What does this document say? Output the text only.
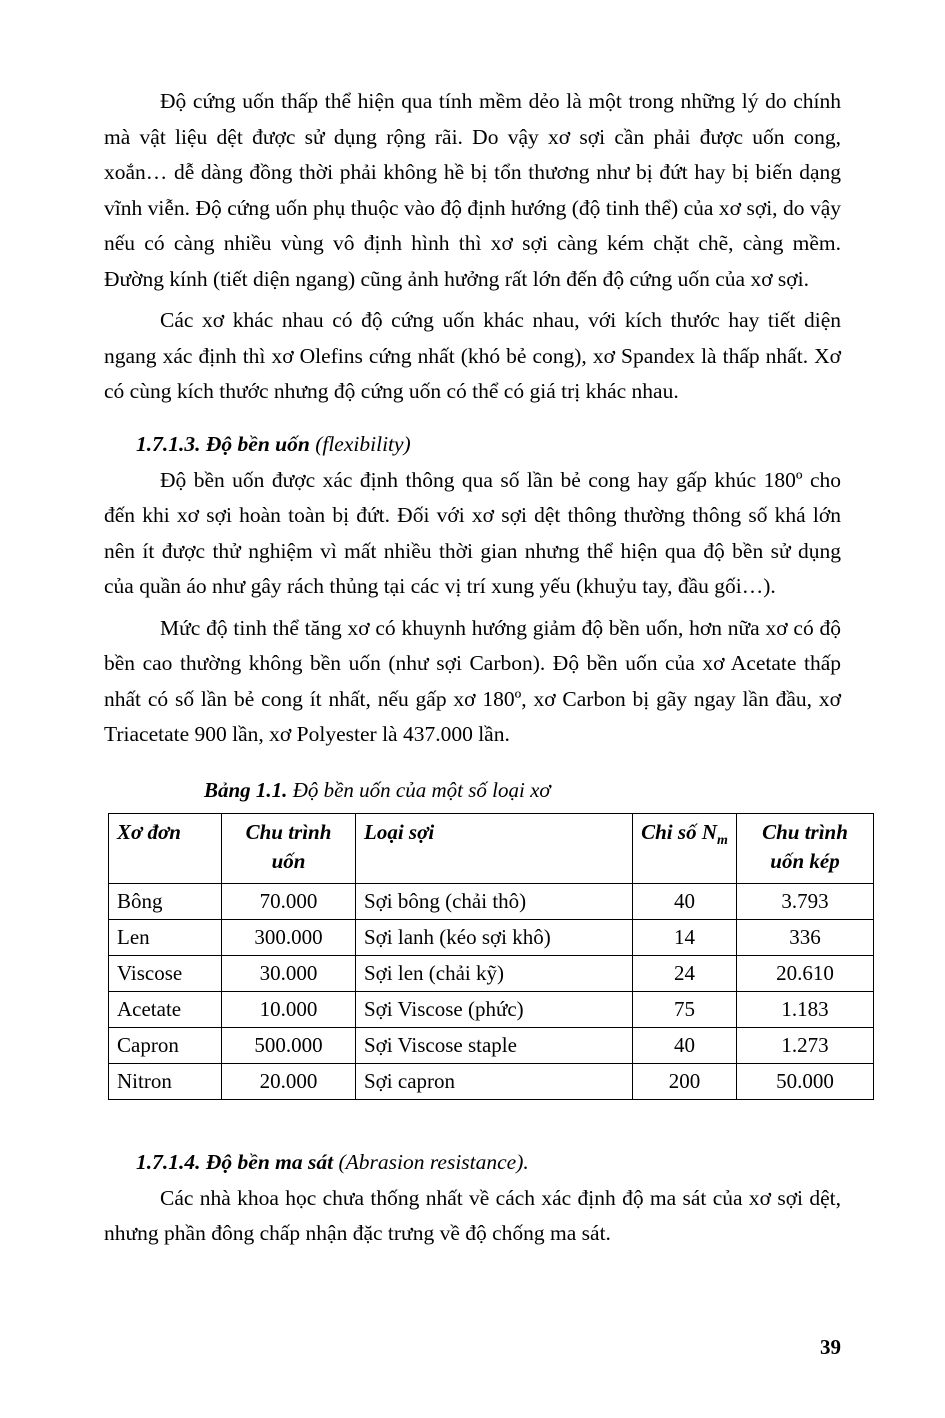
Độ cứng uốn thấp thể hiện qua tính mềm dẻo là một trong những lý do chính mà vật liệu dệt được sử dụng rộng rãi. Do vậy xơ sợi cần phải được uốn cong, xoắn… dễ dàng đồng thời phải không hề bị tổn thương như bị đứt hay bị biến dạng vĩnh viễn. Độ cứng uốn phụ thuộc vào độ định hướng (độ tinh thể) của xơ sợi, do vậy nếu có càng nhiều vùng vô định hình thì xơ sợi càng kém chặt chẽ, càng mềm. Đường kính (tiết diện ngang) cũng ảnh hưởng rất lớn đến độ cứng uốn của xơ sợi.

Các xơ khác nhau có độ cứng uốn khác nhau, với kích thước hay tiết diện ngang xác định thì xơ Olefins cứng nhất (khó bẻ cong), xơ Spandex là thấp nhất. Xơ có cùng kích thước nhưng độ cứng uốn có thể có giá trị khác nhau.

1.7.1.3. Độ bền uốn (flexibility)

Độ bền uốn được xác định thông qua số lần bẻ cong hay gấp khúc 180º cho đến khi xơ sợi hoàn toàn bị đứt. Đối với xơ sợi dệt thông thường thông số khá lớn nên ít được thử nghiệm vì mất nhiều thời gian nhưng thể hiện qua độ bền sử dụng của quần áo như gây rách thủng tại các vị trí xung yếu (khuỷu tay, đầu gối…).

Mức độ tinh thể tăng xơ có khuynh hướng giảm độ bền uốn, hơn nữa xơ có độ bền cao thường không bền uốn (như sợi Carbon). Độ bền uốn của xơ Acetate thấp nhất có số lần bẻ cong ít nhất, nếu gấp xơ 180º, xơ Carbon bị gãy ngay lần đầu, xơ Triacetate 900 lần, xơ Polyester là 437.000 lần.

Bảng 1.1. Độ bền uốn của một số loại xơ
Xơ đơn	Chu trình uốn	Loại sợi	Chi số $N_m$	Chu trình uốn kép
Bông	70.000	Sợi bông (chải thô)	40	3.793
Len	300.000	Sợi lanh (kéo sợi khô)	14	336
Viscose	30.000	Sợi len (chải kỹ)	24	20.610
Acetate	10.000	Sợi Viscose (phức)	75	1.183
Capron	500.000	Sợi Viscose staple	40	1.273
Nitron	20.000	Sợi capron	200	50.000
1.7.1.4. Độ bền ma sát (Abrasion resistance).

Các nhà khoa học chưa thống nhất về cách xác định độ ma sát của xơ sợi dệt, nhưng phần đông chấp nhận đặc trưng về độ chống ma sát.

39
